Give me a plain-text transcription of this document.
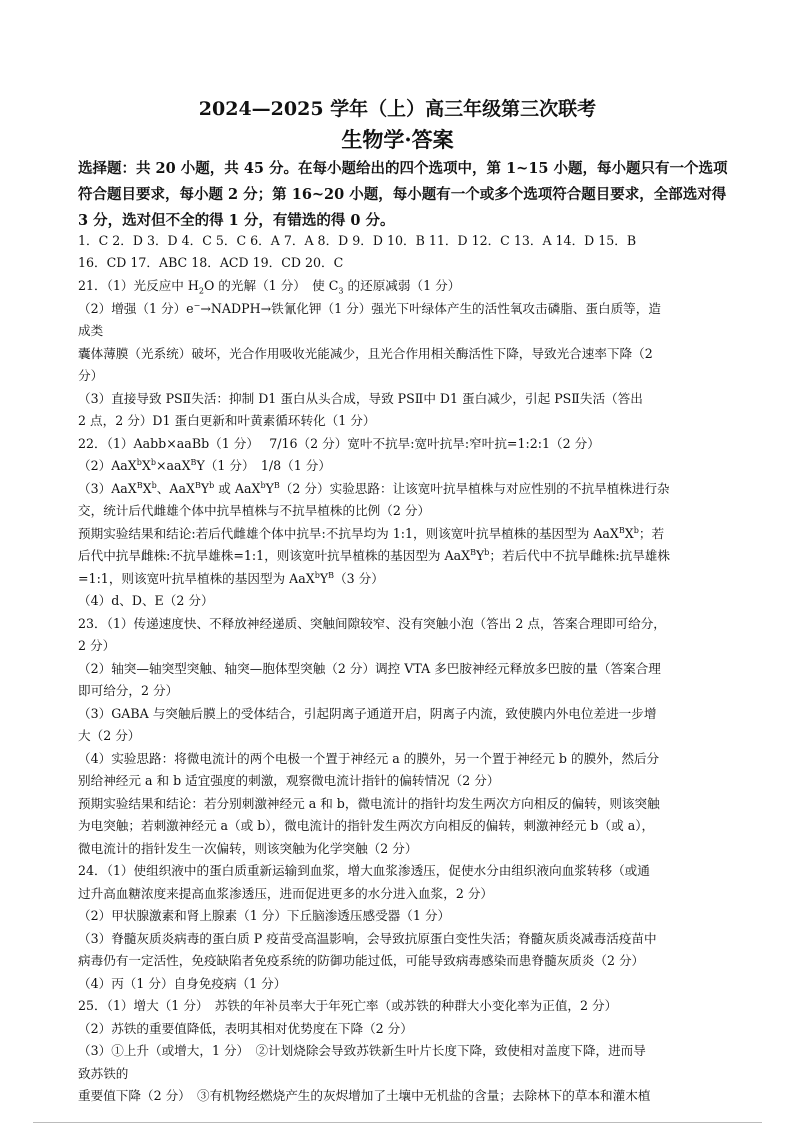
2024—2025 学年（上）高三年级第三次联考
生物学·答案
选择题：共 20 小题，共 45 分。在每小题给出的四个选项中，第 1~15 小题，每小题只有一个选项符合题目要求，每小题 2 分；第 16~20 小题，每小题有一个或多个选项符合题目要求，全部选对得 3 分，选对但不全的得 1 分，有错选的得 0 分。
1．C 2．D 3．D 4．C 5．C 6．A 7．A 8．D 9．D 10．B 11．D 12．C 13．A 14．D 15．B
16．CD 17．ABC 18．ACD 19．CD 20．C
21．（1）光反应中 $H_2O$ 的光解（1 分）　使 $C_3$ 的还原减弱（1 分）
（2）增强（1 分）e−→NADPH→铁氰化钾（1 分）强光下叶绿体产生的活性氧攻击磷脂、蛋白质等，造
成类
囊体薄膜（光系统）破坏，光合作用吸收光能减少，且光合作用相关酶活性下降，导致光合速率下降（2
分）
（3）直接导致 PSⅡ失活：抑制 D1 蛋白从头合成，导致 PSⅡ中 D1 蛋白减少，引起 PSⅡ失活（答出
2 点，2 分）D1 蛋白更新和叶黄素循环转化（1 分）
22．（1）Aabb×aaBb（1 分）　 7/16（2 分）宽叶不抗旱:宽叶抗旱:窄叶抗=1:2:1（2 分）
$(2)AaX^bX^b\times aaX^BY(1$ 分）　1/8（1 分）
$(3)AaX^BX^b$、$AaX^BY^b$ 或 $AaX^bY^B(2$ 分）实验思路：让该宽叶抗旱植株与对应性别的不抗旱植株进行杂
交，统计后代雌雄个体中抗旱植株与不抗旱植株的比例（2 分）
预期实验结果和结论:若后代雌雄个体中抗旱:不抗旱均为 1:1，则该宽叶抗旱植株的基因型为 $AaX^BX^b$；若
后代中抗旱雌株:不抗旱雄株=1:1，则该宽叶抗旱植株的基因型为 $AaX^BY^b$；若后代中不抗旱雌株:抗旱雄株
=1:1，则该宽叶抗旱植株的基因型为 $AaX^bY^B(3$ 分）
（4）d、D、E（2 分）
23．（1）传递速度快、不释放神经递质、突触间隙较窄、没有突触小泡（答出 2 点，答案合理即可给分，
2 分）
（2）轴突—轴突型突触、轴突—胞体型突触（2 分）调控 VTA 多巴胺神经元释放多巴胺的量（答案合理
即可给分，2 分）
（3）GABA 与突触后膜上的受体结合，引起阴离子通道开启，阴离子内流，致使膜内外电位差进一步增
大（2 分）
（4）实验思路：将微电流计的两个电极一个置于神经元 a 的膜外，另一个置于神经元 b 的膜外，然后分
别给神经元 a 和 b 适宜强度的刺激，观察微电流计指针的偏转情况（2 分）
预期实验结果和结论：若分别刺激神经元 a 和 b，微电流计的指针均发生两次方向相反的偏转，则该突触
为电突触；若刺激神经元 a（或 b），微电流计的指针发生两次方向相反的偏转，刺激神经元 b（或 a），
微电流计的指针发生一次偏转，则该突触为化学突触（2 分）
24．（1）使组织液中的蛋白质重新运输到血浆，增大血浆渗透压，促使水分由组织液向血浆转移（或通
过升高血糖浓度来提高血浆渗透压，进而促进更多的水分进入血浆，2 分）
（2）甲状腺激素和肾上腺素（1 分）下丘脑渗透压感受器（1 分）
（3）脊髓灰质炎病毒的蛋白质 P 疫苗受高温影响，会导致抗原蛋白变性失活；脊髓灰质炎减毒活疫苗中
病毒仍有一定活性，免疫缺陷者免疫系统的防御功能过低，可能导致病毒感染而患脊髓灰质炎（2 分）
（4）丙（1 分）自身免疫病（1 分）
25．（1）增大（1 分）　苏铁的年补员率大于年死亡率（或苏铁的种群大小变化率为正值，2 分）
（2）苏铁的重要值降低，表明其相对优势度在下降（2 分）
（3）①上升（或增大，1 分）　②计划烧除会导致苏铁新生叶片长度下降，致使相对盖度下降，进而导
致苏铁的
重要值下降（2 分）　③有机物经燃烧产生的灰烬增加了土壤中无机盐的含量；去除林下的草本和灌木植
